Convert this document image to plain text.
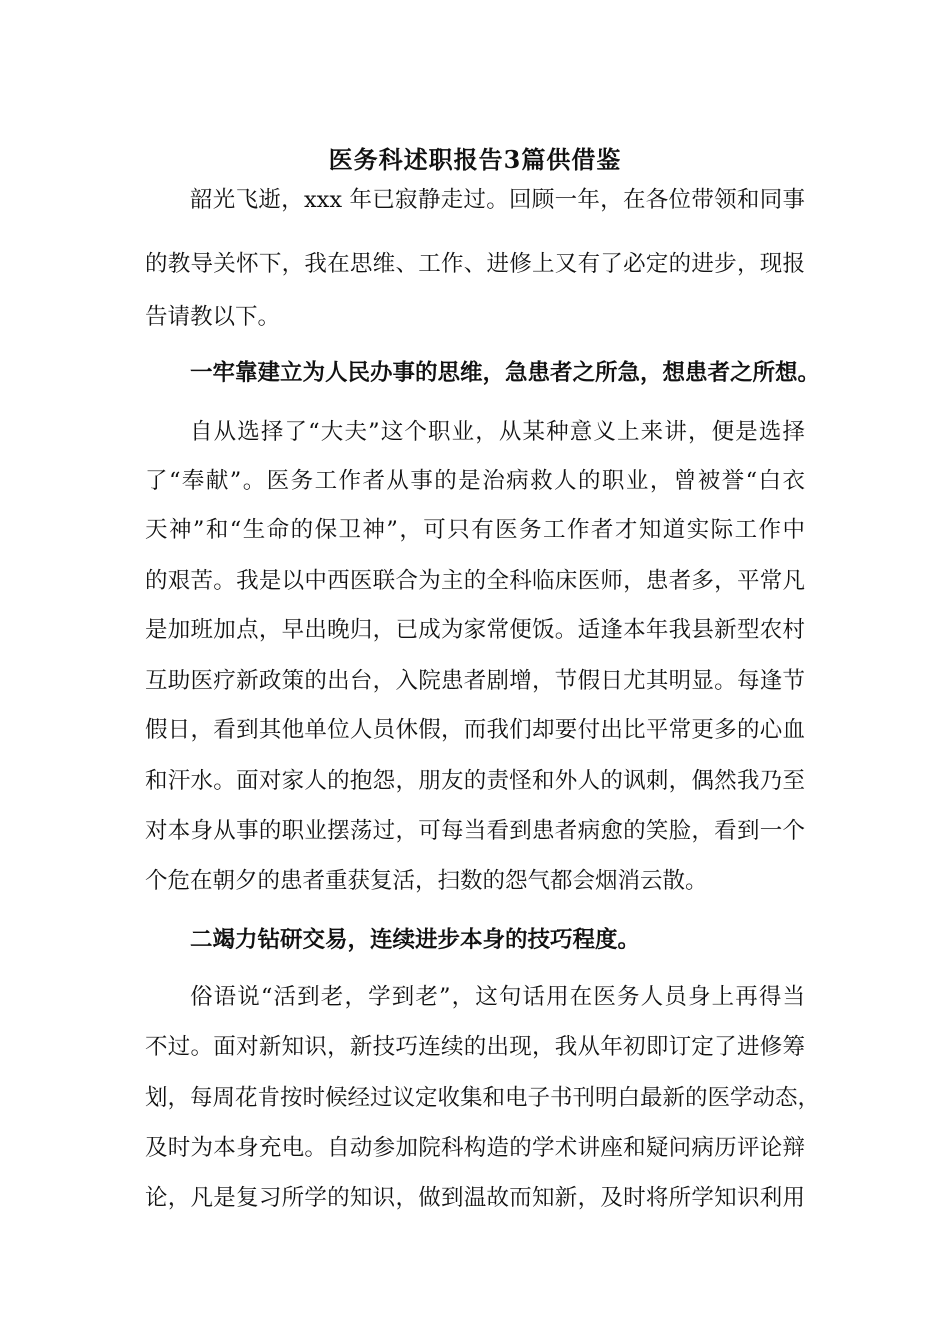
医务科述职报告3篇供借鉴

韶光飞逝，xxx 年已寂静走过。回顾一年，在各位带领和同事

的教导关怀下，我在思维、工作、进修上又有了必定的进步，现报

告请教以下。

一牢靠建立为人民办事的思维，急患者之所急，想患者之所想。

自从选择了“大夫”这个职业，从某种意义上来讲，便是选择

了“奉献”。医务工作者从事的是治病救人的职业，曾被誉“白衣

天神”和“生命的保卫神”，可只有医务工作者才知道实际工作中

的艰苦。我是以中西医联合为主的全科临床医师，患者多，平常凡

是加班加点，早出晚归，已成为家常便饭。适逢本年我县新型农村

互助医疗新政策的出台，入院患者剧增，节假日尤其明显。每逢节

假日，看到其他单位人员休假，而我们却要付出比平常更多的心血

和汗水。面对家人的抱怨，朋友的责怪和外人的讽刺，偶然我乃至

对本身从事的职业摆荡过，可每当看到患者病愈的笑脸，看到一个

个危在朝夕的患者重获复活，扫数的怨气都会烟消云散。

二竭力钻研交易，连续进步本身的技巧程度。

俗语说“活到老，学到老”，这句话用在医务人员身上再得当

不过。面对新知识，新技巧连续的出现，我从年初即订定了进修筹

划，每周花肯按时候经过议定收集和电子书刊明白最新的医学动态，

及时为本身充电。自动参加院科构造的学术讲座和疑问病历评论辩

论，凡是复习所学的知识，做到温故而知新，及时将所学知识利用
